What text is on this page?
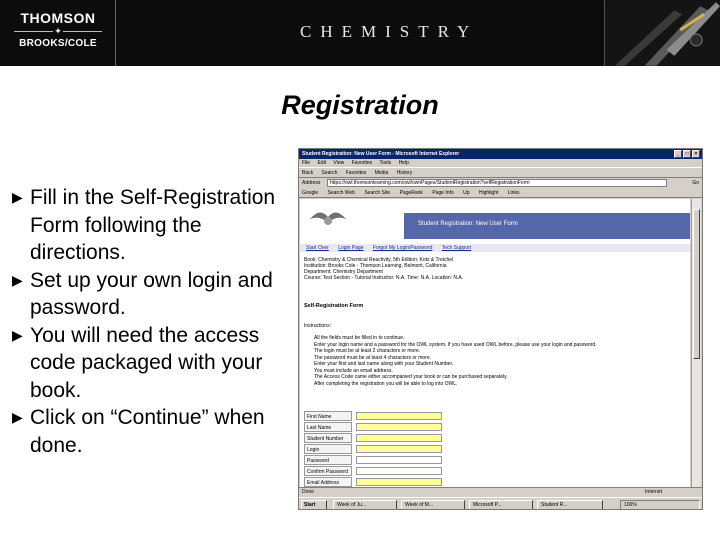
THOMSON
✦
BROOKS/COLE
CHEMISTRY
Registration
▶ Fill in the Self-Registration Form following the directions.
▶ Set up your own login and password.
▶ You will need the access code packaged with your book.
▶ Click on “Continue” when done.
Student Registration: New User Form - Microsoft Internet Explorer	_ □ ×
File Edit View Favorites Tools Help
Back Search Favorites Media History
Address	https://owl.thomsonlearning.com/owl/ownPages/StudentRegistration?selfRegistrationForm	Go
Google Search Web Search Site PageRank Page Info Up Highlight Links
Student Registration: New User Form
Start Over Login Page Forgot My Login/Password Tech Support
Book: Chemistry & Chemical Reactivity, 5th Edition; Kotz & Treichel
Institution: Brooks Cole - Thomson Learning, Belmont, California
Department: Chemistry Department
Course: Test Section - Tutorial Instructor: N.A. Time: N.A. Location: N.A.
Self-Registration Form
Instructions:
All the fields must be filled in to continue.
Enter your login name and a password for the OWL system. If you have used OWL before, please use your login and password.
The login must be at least 2 characters or more.
The password must be at least 4 characters or more.
Enter your first and last name along with your Student Number.
You must include an email address.
The Access Code came either accompanied your book or can be purchased separately.
After completing the registration you will be able to log into OWL.
First Name
Last Name
Student Number
Login
Password
Confirm Password
Email Address
Done	Internet
Start	Week of Ju...	Week of M...	Microsoft P...	Student R...	100%
